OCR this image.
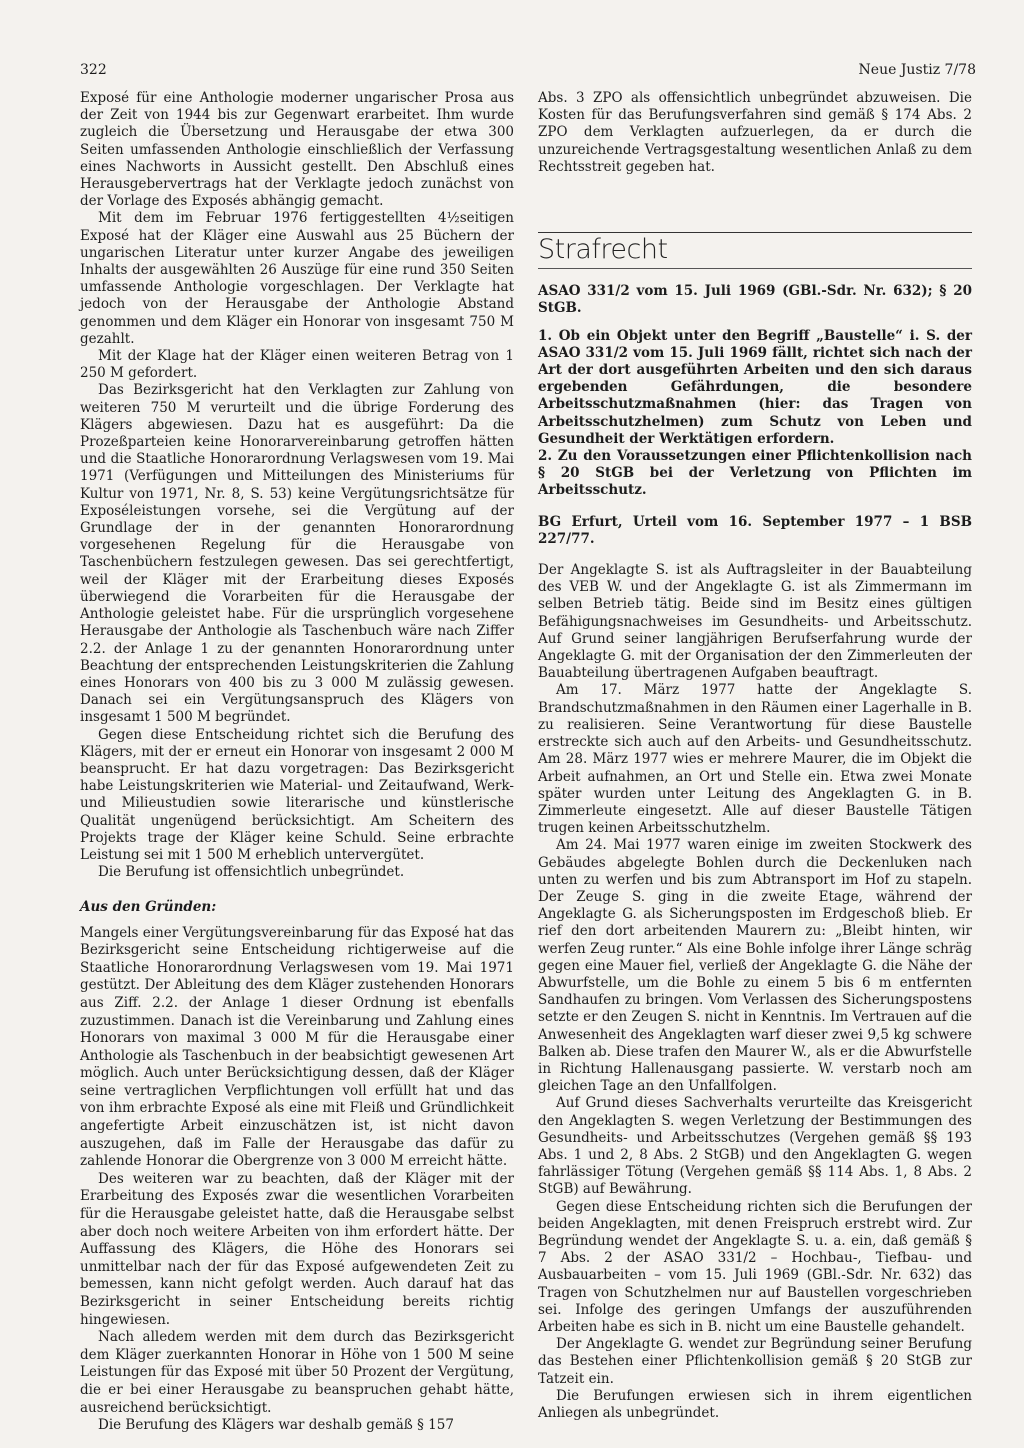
322	Neue Justiz 7/78

Exposé für eine Anthologie moderner ungarischer Prosa aus der Zeit von 1944 bis zur Gegenwart erarbeitet. Ihm wurde zugleich die Übersetzung und Herausgabe der etwa 300 Seiten umfassenden Anthologie einschließlich der Verfassung eines Nachworts in Aussicht gestellt. Den Abschluß eines Herausgebervertrags hat der Verklagte jedoch zunächst von der Vorlage des Exposés abhängig gemacht.

Mit dem im Februar 1976 fertiggestellten 4½seitigen Exposé hat der Kläger eine Auswahl aus 25 Büchern der ungarischen Literatur unter kurzer Angabe des jeweiligen Inhalts der ausgewählten 26 Auszüge für eine rund 350 Seiten umfassende Anthologie vorgeschlagen. Der Verklagte hat jedoch von der Herausgabe der Anthologie Abstand genommen und dem Kläger ein Honorar von insgesamt 750 M gezahlt.

Mit der Klage hat der Kläger einen weiteren Betrag von 1 250 M gefordert.

Das Bezirksgericht hat den Verklagten zur Zahlung von weiteren 750 M verurteilt und die übrige Forderung des Klägers abgewiesen. Dazu hat es ausgeführt: Da die Prozeßparteien keine Honorarvereinbarung getroffen hätten und die Staatliche Honorarordnung Verlagswesen vom 19. Mai 1971 (Verfügungen und Mitteilungen des Ministeriums für Kultur von 1971, Nr. 8, S. 53) keine Vergütungsrichtsätze für Exposéleistungen vorsehe, sei die Vergütung auf der Grundlage der in der genannten Honorarordnung vorgesehenen Regelung für die Herausgabe von Taschenbüchern festzulegen gewesen. Das sei gerechtfertigt, weil der Kläger mit der Erarbeitung dieses Exposés überwiegend die Vorarbeiten für die Herausgabe der Anthologie geleistet habe. Für die ursprünglich vorgesehene Herausgabe der Anthologie als Taschenbuch wäre nach Ziffer 2.2. der Anlage 1 zu der genannten Honorarordnung unter Beachtung der entsprechenden Leistungskriterien die Zahlung eines Honorars von 400 bis zu 3 000 M zulässig gewesen. Danach sei ein Vergütungsanspruch des Klägers von insgesamt 1 500 M begründet.

Gegen diese Entscheidung richtet sich die Berufung des Klägers, mit der er erneut ein Honorar von insgesamt 2 000 M beansprucht. Er hat dazu vorgetragen: Das Bezirksgericht habe Leistungskriterien wie Material- und Zeitaufwand, Werk- und Milieustudien sowie literarische und künstlerische Qualität ungenügend berücksichtigt. Am Scheitern des Projekts trage der Kläger keine Schuld. Seine erbrachte Leistung sei mit 1 500 M erheblich untervergütet.

Die Berufung ist offensichtlich unbegründet.

Aus den Gründen:

Mangels einer Vergütungsvereinbarung für das Exposé hat das Bezirksgericht seine Entscheidung richtigerweise auf die Staatliche Honorarordnung Verlagswesen vom 19. Mai 1971 gestützt. Der Ableitung des dem Kläger zustehenden Honorars aus Ziff. 2.2. der Anlage 1 dieser Ordnung ist ebenfalls zuzustimmen. Danach ist die Vereinbarung und Zahlung eines Honorars von maximal 3 000 M für die Herausgabe einer Anthologie als Taschenbuch in der beabsichtigt gewesenen Art möglich. Auch unter Berücksichtigung dessen, daß der Kläger seine vertraglichen Verpflichtungen voll erfüllt hat und das von ihm erbrachte Exposé als eine mit Fleiß und Gründlichkeit angefertigte Arbeit einzuschätzen ist, ist nicht davon auszugehen, daß im Falle der Herausgabe das dafür zu zahlende Honorar die Obergrenze von 3 000 M erreicht hätte.

Des weiteren war zu beachten, daß der Kläger mit der Erarbeitung des Exposés zwar die wesentlichen Vorarbeiten für die Herausgabe geleistet hatte, daß die Herausgabe selbst aber doch noch weitere Arbeiten von ihm erfordert hätte. Der Auffassung des Klägers, die Höhe des Honorars sei unmittelbar nach der für das Exposé aufgewendeten Zeit zu bemessen, kann nicht gefolgt werden. Auch darauf hat das Bezirksgericht in seiner Entscheidung bereits richtig hingewiesen.

Nach alledem werden mit dem durch das Bezirksgericht dem Kläger zuerkannten Honorar in Höhe von 1 500 M seine Leistungen für das Exposé mit über 50 Prozent der Vergütung, die er bei einer Herausgabe zu beanspruchen gehabt hätte, ausreichend berücksichtigt.

Die Berufung des Klägers war deshalb gemäß § 157

Abs. 3 ZPO als offensichtlich unbegründet abzuweisen. Die Kosten für das Berufungsverfahren sind gemäß § 174 Abs. 2 ZPO dem Verklagten aufzuerlegen, da er durch die unzureichende Vertragsgestaltung wesentlichen Anlaß zu dem Rechtsstreit gegeben hat.

Strafrecht

ASAO 331/2 vom 15. Juli 1969 (GBl.-Sdr. Nr. 632); § 20 StGB.

1. Ob ein Objekt unter den Begriff „Baustelle“ i. S. der ASAO 331/2 vom 15. Juli 1969 fällt, richtet sich nach der Art der dort ausgeführten Arbeiten und den sich daraus ergebenden Gefährdungen, die besondere Arbeitsschutzmaßnahmen (hier: das Tragen von Arbeitsschutzhelmen) zum Schutz von Leben und Gesundheit der Werktätigen erfordern.

2. Zu den Voraussetzungen einer Pflichtenkollision nach § 20 StGB bei der Verletzung von Pflichten im Arbeitsschutz.

BG Erfurt, Urteil vom 16. September 1977 – 1 BSB 227/77.

Der Angeklagte S. ist als Auftragsleiter in der Bauabteilung des VEB W. und der Angeklagte G. ist als Zimmermann im selben Betrieb tätig. Beide sind im Besitz eines gültigen Befähigungsnachweises im Gesundheits- und Arbeitsschutz. Auf Grund seiner langjährigen Berufserfahrung wurde der Angeklagte G. mit der Organisation der den Zimmerleuten der Bauabteilung übertragenen Aufgaben beauftragt.

Am 17. März 1977 hatte der Angeklagte S. Brandschutzmaßnahmen in den Räumen einer Lagerhalle in B. zu realisieren. Seine Verantwortung für diese Baustelle erstreckte sich auch auf den Arbeits- und Gesundheitsschutz. Am 28. März 1977 wies er mehrere Maurer, die im Objekt die Arbeit aufnahmen, an Ort und Stelle ein. Etwa zwei Monate später wurden unter Leitung des Angeklagten G. in B. Zimmerleute eingesetzt. Alle auf dieser Baustelle Tätigen trugen keinen Arbeitsschutzhelm.

Am 24. Mai 1977 waren einige im zweiten Stockwerk des Gebäudes abgelegte Bohlen durch die Deckenluken nach unten zu werfen und bis zum Abtransport im Hof zu stapeln. Der Zeuge S. ging in die zweite Etage, während der Angeklagte G. als Sicherungsposten im Erdgeschoß blieb. Er rief den dort arbeitenden Maurern zu: „Bleibt hinten, wir werfen Zeug runter.“ Als eine Bohle infolge ihrer Länge schräg gegen eine Mauer fiel, verließ der Angeklagte G. die Nähe der Abwurfstelle, um die Bohle zu einem 5 bis 6 m entfernten Sandhaufen zu bringen. Vom Verlassen des Sicherungspostens setzte er den Zeugen S. nicht in Kenntnis. Im Vertrauen auf die Anwesenheit des Angeklagten warf dieser zwei 9,5 kg schwere Balken ab. Diese trafen den Maurer W., als er die Abwurfstelle in Richtung Hallenausgang passierte. W. verstarb noch am gleichen Tage an den Unfallfolgen.

Auf Grund dieses Sachverhalts verurteilte das Kreisgericht den Angeklagten S. wegen Verletzung der Bestimmungen des Gesundheits- und Arbeitsschutzes (Vergehen gemäß §§ 193 Abs. 1 und 2, 8 Abs. 2 StGB) und den Angeklagten G. wegen fahrlässiger Tötung (Vergehen gemäß §§ 114 Abs. 1, 8 Abs. 2 StGB) auf Bewährung.

Gegen diese Entscheidung richten sich die Berufungen der beiden Angeklagten, mit denen Freispruch erstrebt wird. Zur Begründung wendet der Angeklagte S. u. a. ein, daß gemäß § 7 Abs. 2 der ASAO 331/2 – Hochbau-, Tiefbau- und Ausbauarbeiten – vom 15. Juli 1969 (GBl.-Sdr. Nr. 632) das Tragen von Schutzhelmen nur auf Baustellen vorgeschrieben sei. Infolge des geringen Umfangs der auszuführenden Arbeiten habe es sich in B. nicht um eine Baustelle gehandelt.

Der Angeklagte G. wendet zur Begründung seiner Berufung das Bestehen einer Pflichtenkollision gemäß § 20 StGB zur Tatzeit ein.

Die Berufungen erwiesen sich in ihrem eigentlichen Anliegen als unbegründet.
